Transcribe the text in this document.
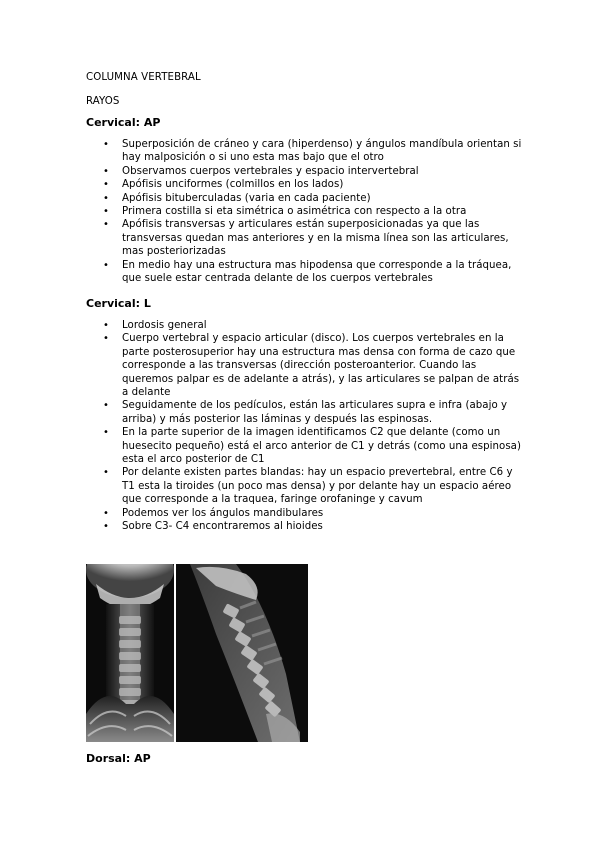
COLUMNA VERTEBRAL
RAYOS
Cervical: AP
• Superposición de cráneo y cara (hiperdenso) y ángulos mandíbula orientan si hay malposición o si uno esta mas bajo que el otro
• Observamos cuerpos vertebrales y espacio intervertebral
• Apófisis unciformes (colmillos en los lados)
• Apófisis bituberculadas (varia en cada paciente)
• Primera costilla si eta simétrica o asimétrica con respecto a la otra
• Apófisis transversas y articulares están superposicionadas ya que las transversas quedan mas anteriores y en la misma línea son las articulares, mas posteriorizadas
• En medio hay una estructura mas hipodensa que corresponde a la tráquea, que suele estar centrada delante de los cuerpos vertebrales
Cervical: L
• Lordosis general
• Cuerpo vertebral y espacio articular (disco). Los cuerpos vertebrales en la parte posterosuperior hay una estructura mas densa con forma de cazo que corresponde a las transversas (dirección posteroanterior. Cuando las queremos palpar es de adelante a atrás), y las articulares se palpan de atrás a delante
• Seguidamente de los pedículos, están las articulares supra e infra (abajo y arriba) y más posterior las láminas y después las espinosas.
• En la parte superior de la imagen identificamos C2 que delante (como un huesecito pequeño) está el arco anterior de C1 y detrás (como una espinosa) esta el arco posterior de C1
• Por delante existen partes blandas: hay un espacio prevertebral, entre C6 y T1 esta la tiroides (un poco mas densa) y por delante hay un espacio aéreo que corresponde a la traquea, faringe orofaninge y cavum
• Podemos ver los ángulos mandibulares
• Sobre C3- C4 encontraremos al hioides
Dorsal: AP
